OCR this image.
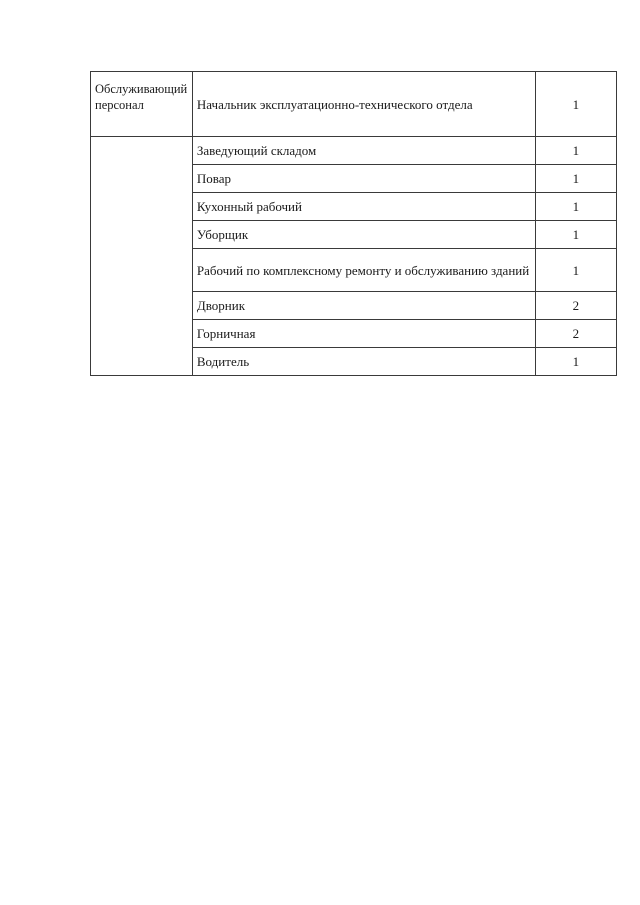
Обслуживающий персонал	Начальник эксплуатационно-технического отдела	1
	Заведующий складом	1
	Повар	1
	Кухонный рабочий	1
	Уборщик	1
	Рабочий по комплексному ремонту и обслуживанию зданий	1
	Дворник	2
	Горничная	2
	Водитель	1
